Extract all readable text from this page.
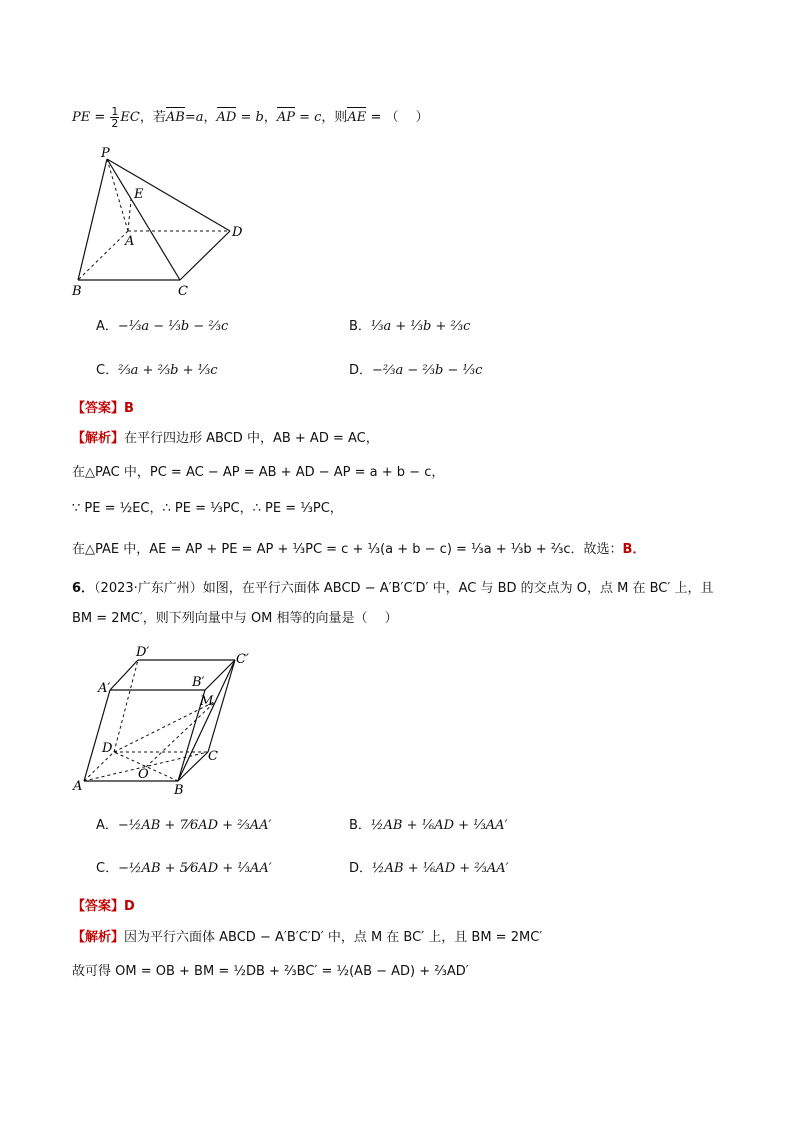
PE = $\frac{1}{2}$ EC，若AB=a，AD = b，AP = c，则AE = （　 ）
P
E
A
D
B	C
A．−⅓a − ⅓b − ⅔c	B．⅓a + ⅓b + ⅔c
C．⅔a + ⅔b + ⅓c	D．−⅔a − ⅔b − ⅓c
【答案】B
【解析】在平行四边形 ABCD 中，AB + AD = AC，
在△PAC 中，PC = AC − AP = AB + AD − AP = a + b − c，
∵ PE = ½EC，∴ PE = ⅓PC，∴ PE = ⅓PC，
在△PAE 中，AE = AP + PE = AP + ⅓PC = c + ⅓(a + b − c) = ⅓a + ⅓b + ⅔c．故选：B．
6．（2023·广东广州）如图，在平行六面体 ABCD − A′B′C′D′ 中，AC 与 BD 的交点为 O，点 M 在 BC′ 上，且
BM = 2MC′，则下列向量中与 OM 相等的向量是（　 ）
D′	C′
A′	B′
M
D
C
O
A	B
A．−½AB + 7⁄6AD + ⅔AA′	B．½AB + ⅙AD + ⅓AA′
C．−½AB + 5⁄6AD + ⅓AA′	D．½AB + ⅙AD + ⅔AA′
【答案】D
【解析】因为平行六面体 ABCD − A′B′C′D′ 中，点 M 在 BC′ 上，且 BM = 2MC′
故可得 OM = OB + BM = ½DB + ⅔BC′ = ½(AB − AD) + ⅔AD′
